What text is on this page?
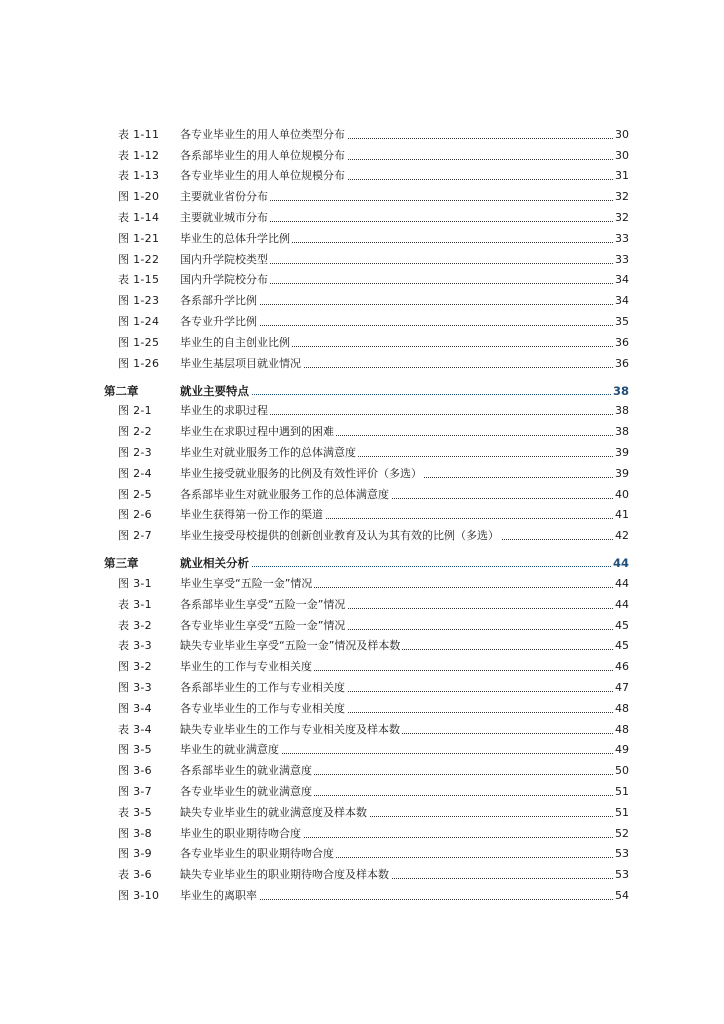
表 1-11 各专业毕业生的用人单位类型分布	30
表 1-12 各系部毕业生的用人单位规模分布	30
表 1-13 各专业毕业生的用人单位规模分布	31
图 1-20 主要就业省份分布	32
表 1-14 主要就业城市分布	32
图 1-21 毕业生的总体升学比例	33
图 1-22 国内升学院校类型	33
表 1-15 国内升学院校分布	34
图 1-23 各系部升学比例	34
图 1-24 各专业升学比例	35
图 1-25 毕业生的自主创业比例	36
图 1-26 毕业生基层项目就业情况	36
第二章	就业主要特点	38
图 2-1	毕业生的求职过程	38
图 2-2	毕业生在求职过程中遇到的困难	38
图 2-3	毕业生对就业服务工作的总体满意度	39
图 2-4	毕业生接受就业服务的比例及有效性评价（多选）	39
图 2-5	各系部毕业生对就业服务工作的总体满意度	40
图 2-6	毕业生获得第一份工作的渠道	41
图 2-7	毕业生接受母校提供的创新创业教育及认为其有效的比例（多选）	42
第三章	就业相关分析	44
图 3-1	毕业生享受“五险一金”情况	44
表 3-1	各系部毕业生享受“五险一金”情况	44
表 3-2	各专业毕业生享受“五险一金”情况	45
表 3-3	缺失专业毕业生享受“五险一金”情况及样本数	45
图 3-2	毕业生的工作与专业相关度	46
图 3-3	各系部毕业生的工作与专业相关度	47
图 3-4	各专业毕业生的工作与专业相关度	48
表 3-4	缺失专业毕业生的工作与专业相关度及样本数	48
图 3-5	毕业生的就业满意度	49
图 3-6	各系部毕业生的就业满意度	50
图 3-7	各专业毕业生的就业满意度	51
表 3-5	缺失专业毕业生的就业满意度及样本数	51
图 3-8	毕业生的职业期待吻合度	52
图 3-9	各专业毕业生的职业期待吻合度	53
表 3-6	缺失专业毕业生的职业期待吻合度及样本数	53
图 3-10 毕业生的离职率	54
